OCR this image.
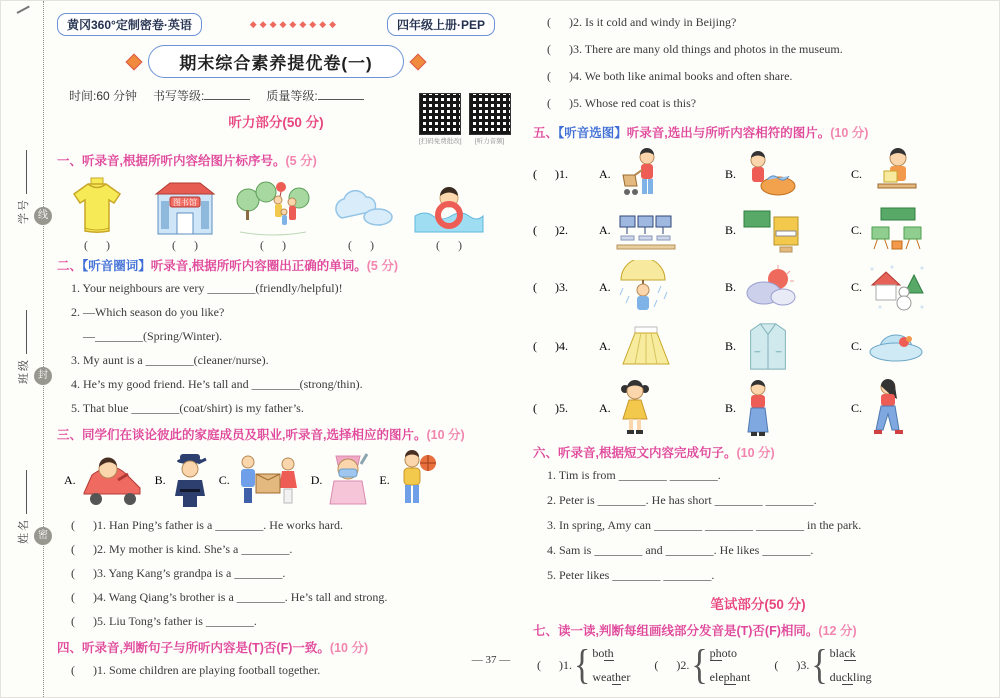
学号
班级
姓名
线
封
密
黄冈360°定制密卷·英语	◆◆◆◆◆◆◆◆◆	四年级上册·PEP
期末综合素养提优卷(一)
时间:60 分钟 书写等级:	质量等级:
听力部分(50 分)
[扫码免费批改]	[听力音频]
一、听录音,根据所听内容给图片标序号。(5 分)
(      )
图书馆
(      )	(      )	(      )	(      )
二、【听音圈词】听录音,根据所听内容圈出正确的单词。(5 分)
1. Your neighbours are very ________(friendly/helpful)!
2. —Which season do you like?
—________(Spring/Winter).
3. My aunt is a ________(cleaner/nurse).
4. He’s my good friend. He’s tall and ________(strong/thin).
5. That blue ________(coat/shirt) is my father’s.
三、同学们在谈论彼此的家庭成员及职业,听录音,选择相应的图片。(10 分)
A.	B.	C.	D.	E.
(      )1. Han Ping’s father is a ________. He works hard.
(      )2. My mother is kind. She’s a ________.
(      )3. Yang Kang’s grandpa is a ________.
(      )4. Wang Qiang’s brother is a ________. He’s tall and strong.
(      )5. Liu Tong’s father is ________.
四、听录音,判断句子与所听内容是(T)否(F)一致。(10 分)
(      )1. Some children are playing football together.
(      )2. Is it cold and windy in Beijing?
(      )3. There are many old things and photos in the museum.
(      )4. We both like animal books and often share.
(      )5. Whose red coat is this?
五、【听音选图】听录音,选出与所听内容相符的图片。(10 分)
(      )1.	A.	B.	C.
(      )2.	A.	B.	C.
(      )3.	A.	B.	C.
(      )4.	A.	B.	C.
(      )5.	A.	B.	C.
六、听录音,根据短文内容完成句子。(10 分)
1. Tim is from ________ ________.
2. Peter is ________. He has short ________ ________.
3. In spring, Amy can ________ ________ ________ in the park.
4. Sam is ________ and ________. He likes ________.
5. Peter likes ________ ________.
笔试部分(50 分)
七、读一读,判断每组画线部分发音是(T)否(F)相同。(12 分)
(      )1. { both
weather
(      )2. { photo
elephant
(      )3. { black
duckling
— 37 —
